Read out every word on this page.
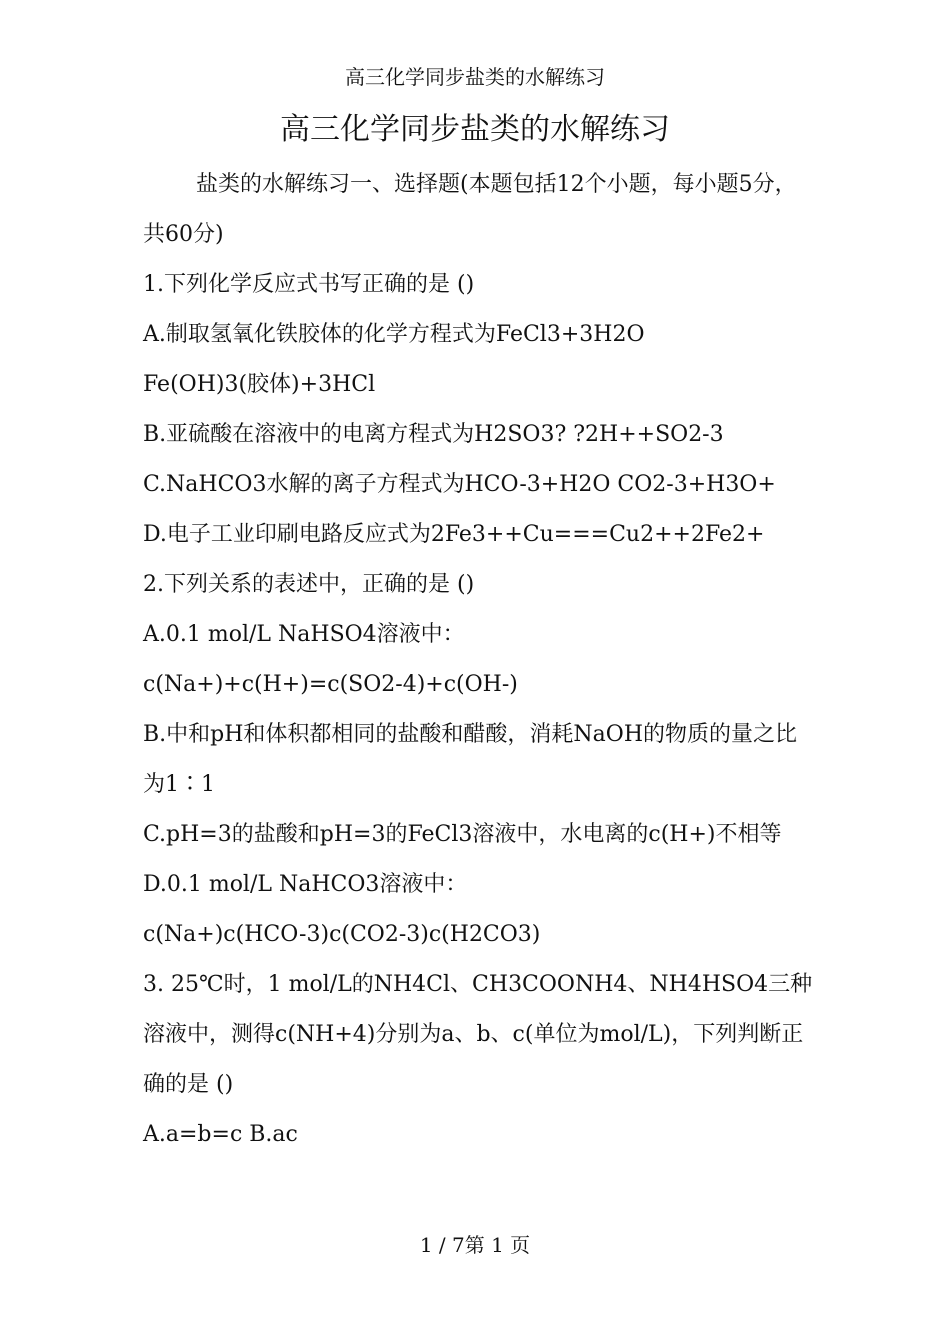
高三化学同步盐类的水解练习
高三化学同步盐类的水解练习

盐类的水解练习一、选择题(本题包括12个小题，每小题5分，共60分)

1.下列化学反应式书写正确的是 ()

A.制取氢氧化铁胶体的化学方程式为FeCl3+3H2O

Fe(OH)3(胶体)+3HCl

B.亚硫酸在溶液中的电离方程式为H2SO3? ?2H++SO2-3

C.NaHCO3水解的离子方程式为HCO-3+H2O CO2-3+H3O+

D.电子工业印刷电路反应式为2Fe3++Cu===Cu2++2Fe2+

2.下列关系的表述中，正确的是 ()

A.0.1 mol/L NaHSO4溶液中：

c(Na+)+c(H+)=c(SO2-4)+c(OH-)

B.中和pH和体积都相同的盐酸和醋酸，消耗NaOH的物质的量之比为1∶1

C.pH=3的盐酸和pH=3的FeCl3溶液中，水电离的c(H+)不相等

D.0.1 mol/L NaHCO3溶液中：

c(Na+)c(HCO-3)c(CO2-3)c(H2CO3)

3. 25℃时，1 mol/L的NH4Cl、CH3COONH4、NH4HSO4三种溶液中，测得c(NH+4)分别为a、b、c(单位为mol/L)，下列判断正确的是 ()

A.a=b=c B.ac

1 / 7第 1 页
